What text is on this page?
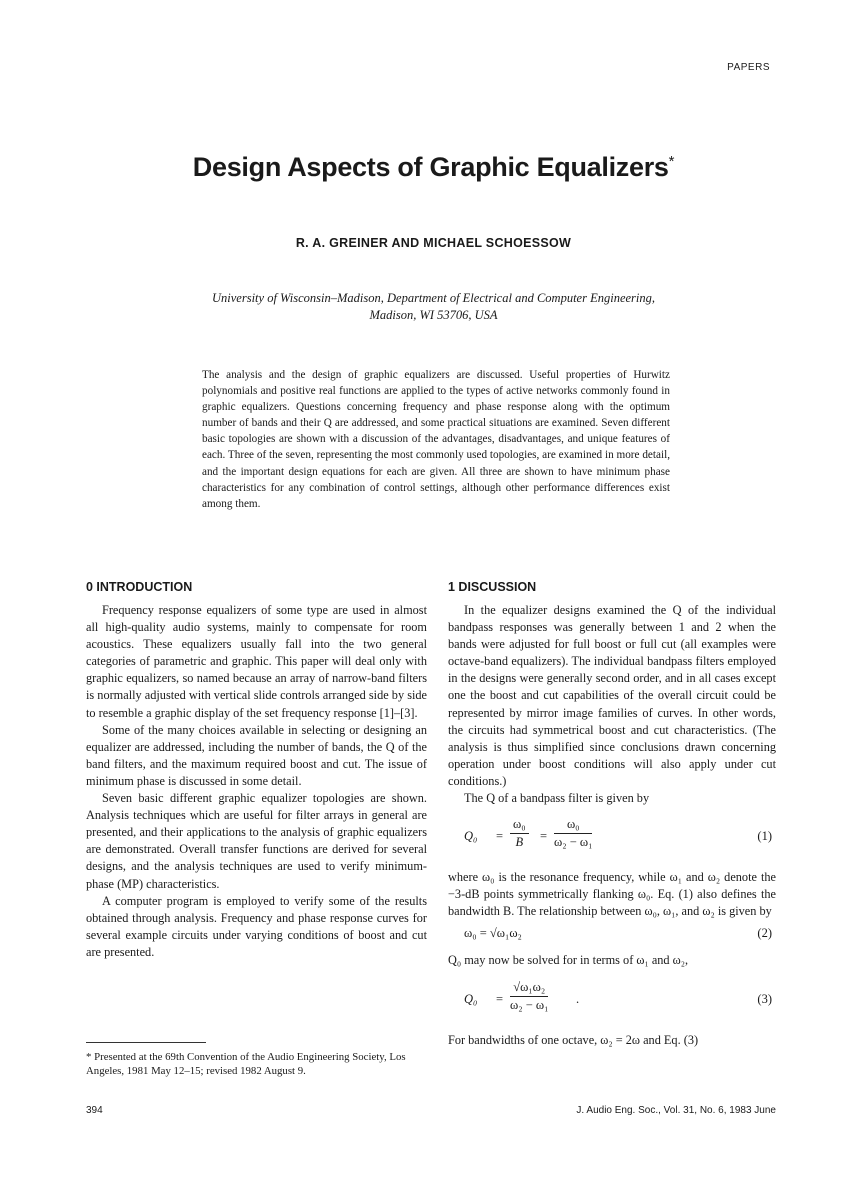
PAPERS
Design Aspects of Graphic Equalizers*
R. A. GREINER AND MICHAEL SCHOESSOW
University of Wisconsin–Madison, Department of Electrical and Computer Engineering,
Madison, WI 53706, USA
The analysis and the design of graphic equalizers are discussed. Useful properties of Hurwitz polynomials and positive real functions are applied to the types of active networks commonly found in graphic equalizers. Questions concerning frequency and phase response along with the optimum number of bands and their Q are addressed, and some practical situations are examined. Seven different basic topologies are shown with a discussion of the advantages, disadvantages, and unique features of each. Three of the seven, representing the most commonly used topologies, are examined in more detail, and the important design equations for each are given. All three are shown to have minimum phase characteristics for any combination of control settings, although other performance differences exist among them.
0 INTRODUCTION

Frequency response equalizers of some type are used in almost all high-quality audio systems, mainly to compensate for room acoustics. These equalizers usually fall into the two general categories of parametric and graphic. This paper will deal only with graphic equalizers, so named because an array of narrow-band filters is normally adjusted with vertical slide controls arranged side by side to resemble a graphic display of the set frequency response [1]–[3].

Some of the many choices available in selecting or designing an equalizer are addressed, including the number of bands, the Q of the band filters, and the maximum required boost and cut. The issue of minimum phase is discussed in some detail.

Seven basic different graphic equalizer topologies are shown. Analysis techniques which are useful for filter arrays in general are presented, and their applications to the analysis of graphic equalizers are demonstrated. Overall transfer functions are derived for several designs, and the analysis techniques are used to verify minimum-phase (MP) characteristics.

A computer program is employed to verify some of the results obtained through analysis. Frequency and phase response curves for several example circuits under varying conditions of boost and cut are presented.

* Presented at the 69th Convention of the Audio Engineering Society, Los Angeles, 1981 May 12–15; revised 1982 August 9.
1 DISCUSSION

In the equalizer designs examined the Q of the individual bandpass responses was generally between 1 and 2 when the bands were adjusted for full boost or full cut (all examples were octave-band equalizers). The individual bandpass filters employed in the designs were generally second order, and in all cases except one the boost and cut capabilities of the overall circuit could be represented by mirror image families of curves. In other words, the circuits had symmetrical boost and cut characteristics. (The analysis is thus simplified since conclusions drawn concerning operation under boost conditions will also apply under cut conditions.)

The Q of a bandpass filter is given by

$Q_0 = \frac{\text{ω₀}}{B} = \frac{\text{ω₀}}{\text{ω₂ − ω₁}}$	(1)

where ω₀ is the resonance frequency, while ω₁ and ω₂ denote the −3-dB points symmetrically flanking ω₀. Eq. (1) also defines the bandwidth B. The relationship between ω₀, ω₁, and ω₂ is given by

ω₀ = √ω₁ω₂	(2)

Q₀ may now be solved for in terms of ω₁ and ω₂,

$Q_0 = \frac{\text{√ω₁ω₂}}{\text{ω₂ − ω₁}}$ .	(3)

For bandwidths of one octave, ω₂ = 2ω and Eq. (3)

394	J. Audio Eng. Soc., Vol. 31, No. 6, 1983 June
